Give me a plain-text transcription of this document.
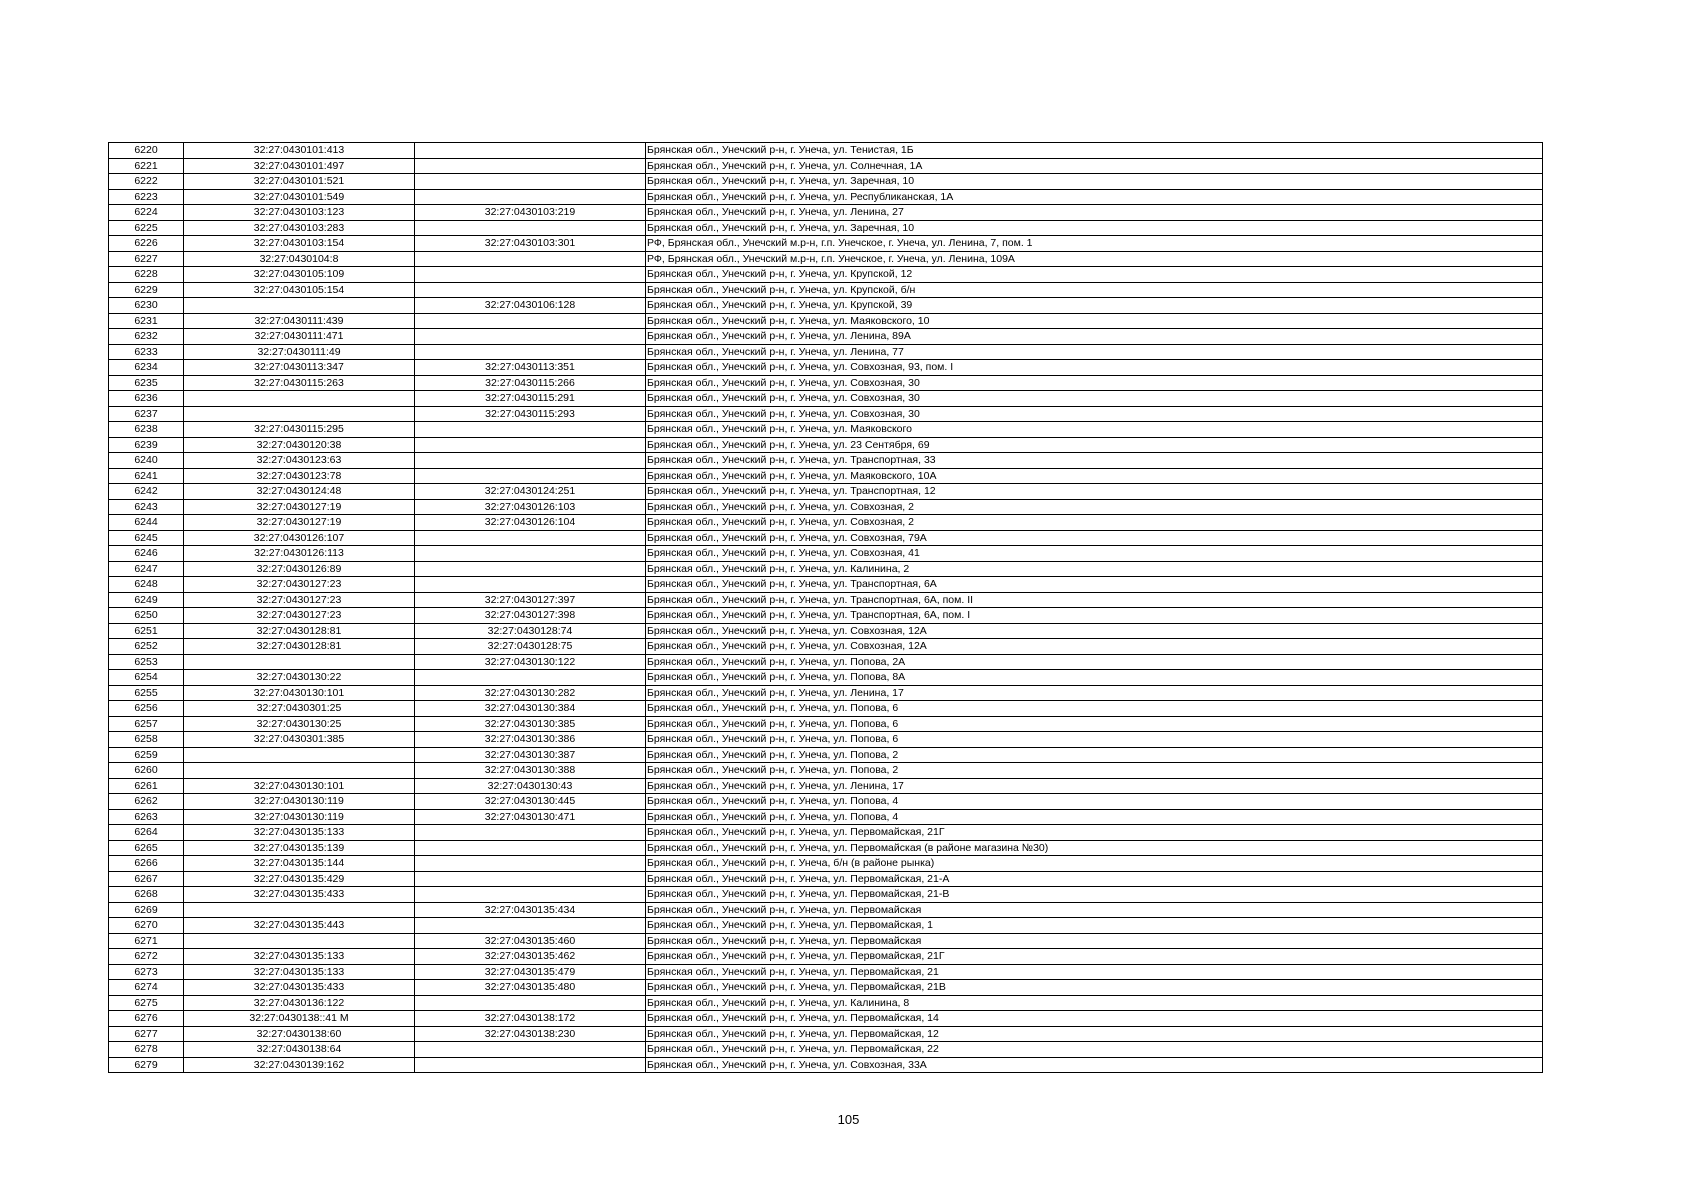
6220	32:27:0430101:413		Брянская обл., Унечский р-н, г. Унеча, ул. Тенистая, 1Б
6221	32:27:0430101:497		Брянская обл., Унечский р-н, г. Унеча, ул. Солнечная, 1А
6222	32:27:0430101:521		Брянская обл., Унечский р-н, г. Унеча, ул. Заречная, 10
6223	32:27:0430101:549		Брянская обл., Унечский р-н, г. Унеча, ул. Республиканская, 1А
6224	32:27:0430103:123	32:27:0430103:219	Брянская обл., Унечский р-н, г. Унеча, ул. Ленина, 27
6225	32:27:0430103:283		Брянская обл., Унечский р-н, г. Унеча, ул. Заречная, 10
6226	32:27:0430103:154	32:27:0430103:301	РФ, Брянская обл., Унечский м.р-н, г.п. Унечское, г. Унеча, ул. Ленина, 7, пом. 1
6227	32:27:0430104:8		РФ, Брянская обл., Унечский м.р-н, г.п. Унечское, г. Унеча, ул. Ленина, 109А
6228	32:27:0430105:109		Брянская обл., Унечский р-н, г. Унеча, ул. Крупской, 12
6229	32:27:0430105:154		Брянская обл., Унечский р-н, г. Унеча, ул. Крупской, б/н
6230		32:27:0430106:128	Брянская обл., Унечский р-н, г. Унеча, ул. Крупской, 39
6231	32:27:0430111:439		Брянская обл., Унечский р-н, г. Унеча, ул. Маяковского, 10
6232	32:27:0430111:471		Брянская обл., Унечский р-н, г. Унеча, ул. Ленина, 89А
6233	32:27:0430111:49		Брянская обл., Унечский р-н, г. Унеча, ул. Ленина, 77
6234	32:27:0430113:347	32:27:0430113:351	Брянская обл., Унечский р-н, г. Унеча, ул. Совхозная, 93, пом. I
6235	32:27:0430115:263	32:27:0430115:266	Брянская обл., Унечский р-н, г. Унеча, ул. Совхозная, 30
6236		32:27:0430115:291	Брянская обл., Унечский р-н, г. Унеча, ул. Совхозная, 30
6237		32:27:0430115:293	Брянская обл., Унечский р-н, г. Унеча, ул. Совхозная, 30
6238	32:27:0430115:295		Брянская обл., Унечский р-н, г. Унеча, ул. Маяковского
6239	32:27:0430120:38		Брянская обл., Унечский р-н, г. Унеча, ул. 23 Сентября, 69
6240	32:27:0430123:63		Брянская обл., Унечский р-н, г. Унеча, ул. Транспортная, 33
6241	32:27:0430123:78		Брянская обл., Унечский р-н, г. Унеча, ул. Маяковского, 10А
6242	32:27:0430124:48	32:27:0430124:251	Брянская обл., Унечский р-н, г. Унеча, ул. Транспортная, 12
6243	32:27:0430127:19	32:27:0430126:103	Брянская обл., Унечский р-н, г. Унеча, ул. Совхозная, 2
6244	32:27:0430127:19	32:27:0430126:104	Брянская обл., Унечский р-н, г. Унеча, ул. Совхозная, 2
6245	32:27:0430126:107		Брянская обл., Унечский р-н, г. Унеча, ул. Совхозная, 79А
6246	32:27:0430126:113		Брянская обл., Унечский р-н, г. Унеча, ул. Совхозная, 41
6247	32:27:0430126:89		Брянская обл., Унечский р-н, г. Унеча, ул. Калинина, 2
6248	32:27:0430127:23		Брянская обл., Унечский р-н, г. Унеча, ул. Транспортная, 6А
6249	32:27:0430127:23	32:27:0430127:397	Брянская обл., Унечский р-н, г. Унеча, ул. Транспортная, 6А, пом. II
6250	32:27:0430127:23	32:27:0430127:398	Брянская обл., Унечский р-н, г. Унеча, ул. Транспортная, 6А, пом. I
6251	32:27:0430128:81	32:27:0430128:74	Брянская обл., Унечский р-н, г. Унеча, ул. Совхозная, 12А
6252	32:27:0430128:81	32:27:0430128:75	Брянская обл., Унечский р-н, г. Унеча, ул. Совхозная, 12А
6253		32:27:0430130:122	Брянская обл., Унечский р-н, г. Унеча, ул. Попова, 2А
6254	32:27:0430130:22		Брянская обл., Унечский р-н, г. Унеча, ул. Попова, 8А
6255	32:27:0430130:101	32:27:0430130:282	Брянская обл., Унечский р-н, г. Унеча, ул. Ленина, 17
6256	32:27:0430301:25	32:27:0430130:384	Брянская обл., Унечский р-н, г. Унеча, ул. Попова, 6
6257	32:27:0430130:25	32:27:0430130:385	Брянская обл., Унечский р-н, г. Унеча, ул. Попова, 6
6258	32:27:0430301:385	32:27:0430130:386	Брянская обл., Унечский р-н, г. Унеча, ул. Попова, 6
6259		32:27:0430130:387	Брянская обл., Унечский р-н, г. Унеча, ул. Попова, 2
6260		32:27:0430130:388	Брянская обл., Унечский р-н, г. Унеча, ул. Попова, 2
6261	32:27:0430130:101	32:27:0430130:43	Брянская обл., Унечский р-н, г. Унеча, ул. Ленина, 17
6262	32:27:0430130:119	32:27:0430130:445	Брянская обл., Унечский р-н, г. Унеча, ул. Попова, 4
6263	32:27:0430130:119	32:27:0430130:471	Брянская обл., Унечский р-н, г. Унеча, ул. Попова, 4
6264	32:27:0430135:133		Брянская обл., Унечский р-н, г. Унеча, ул. Первомайская, 21Г
6265	32:27:0430135:139		Брянская обл., Унечский р-н, г. Унеча, ул. Первомайская (в районе магазина №30)
6266	32:27:0430135:144		Брянская обл., Унечский р-н, г. Унеча, б/н (в районе рынка)
6267	32:27:0430135:429		Брянская обл., Унечский р-н, г. Унеча, ул. Первомайская, 21-А
6268	32:27:0430135:433		Брянская обл., Унечский р-н, г. Унеча, ул. Первомайская, 21-В
6269		32:27:0430135:434	Брянская обл., Унечский р-н, г. Унеча, ул. Первомайская
6270	32:27:0430135:443		Брянская обл., Унечский р-н, г. Унеча, ул. Первомайская, 1
6271		32:27:0430135:460	Брянская обл., Унечский р-н, г. Унеча, ул. Первомайская
6272	32:27:0430135:133	32:27:0430135:462	Брянская обл., Унечский р-н, г. Унеча, ул. Первомайская, 21Г
6273	32:27:0430135:133	32:27:0430135:479	Брянская обл., Унечский р-н, г. Унеча, ул. Первомайская, 21
6274	32:27:0430135:433	32:27:0430135:480	Брянская обл., Унечский р-н, г. Унеча, ул. Первомайская, 21В
6275	32:27:0430136:122		Брянская обл., Унечский р-н, г. Унеча, ул. Калинина, 8
6276	32:27:0430138::41 М	32:27:0430138:172	Брянская обл., Унечский р-н, г. Унеча, ул. Первомайская, 14
6277	32:27:0430138:60	32:27:0430138:230	Брянская обл., Унечский р-н, г. Унеча, ул. Первомайская, 12
6278	32:27:0430138:64		Брянская обл., Унечский р-н, г. Унеча, ул. Первомайская, 22
6279	32:27:0430139:162		Брянская обл., Унечский р-н, г. Унеча, ул. Совхозная, 33А
105
